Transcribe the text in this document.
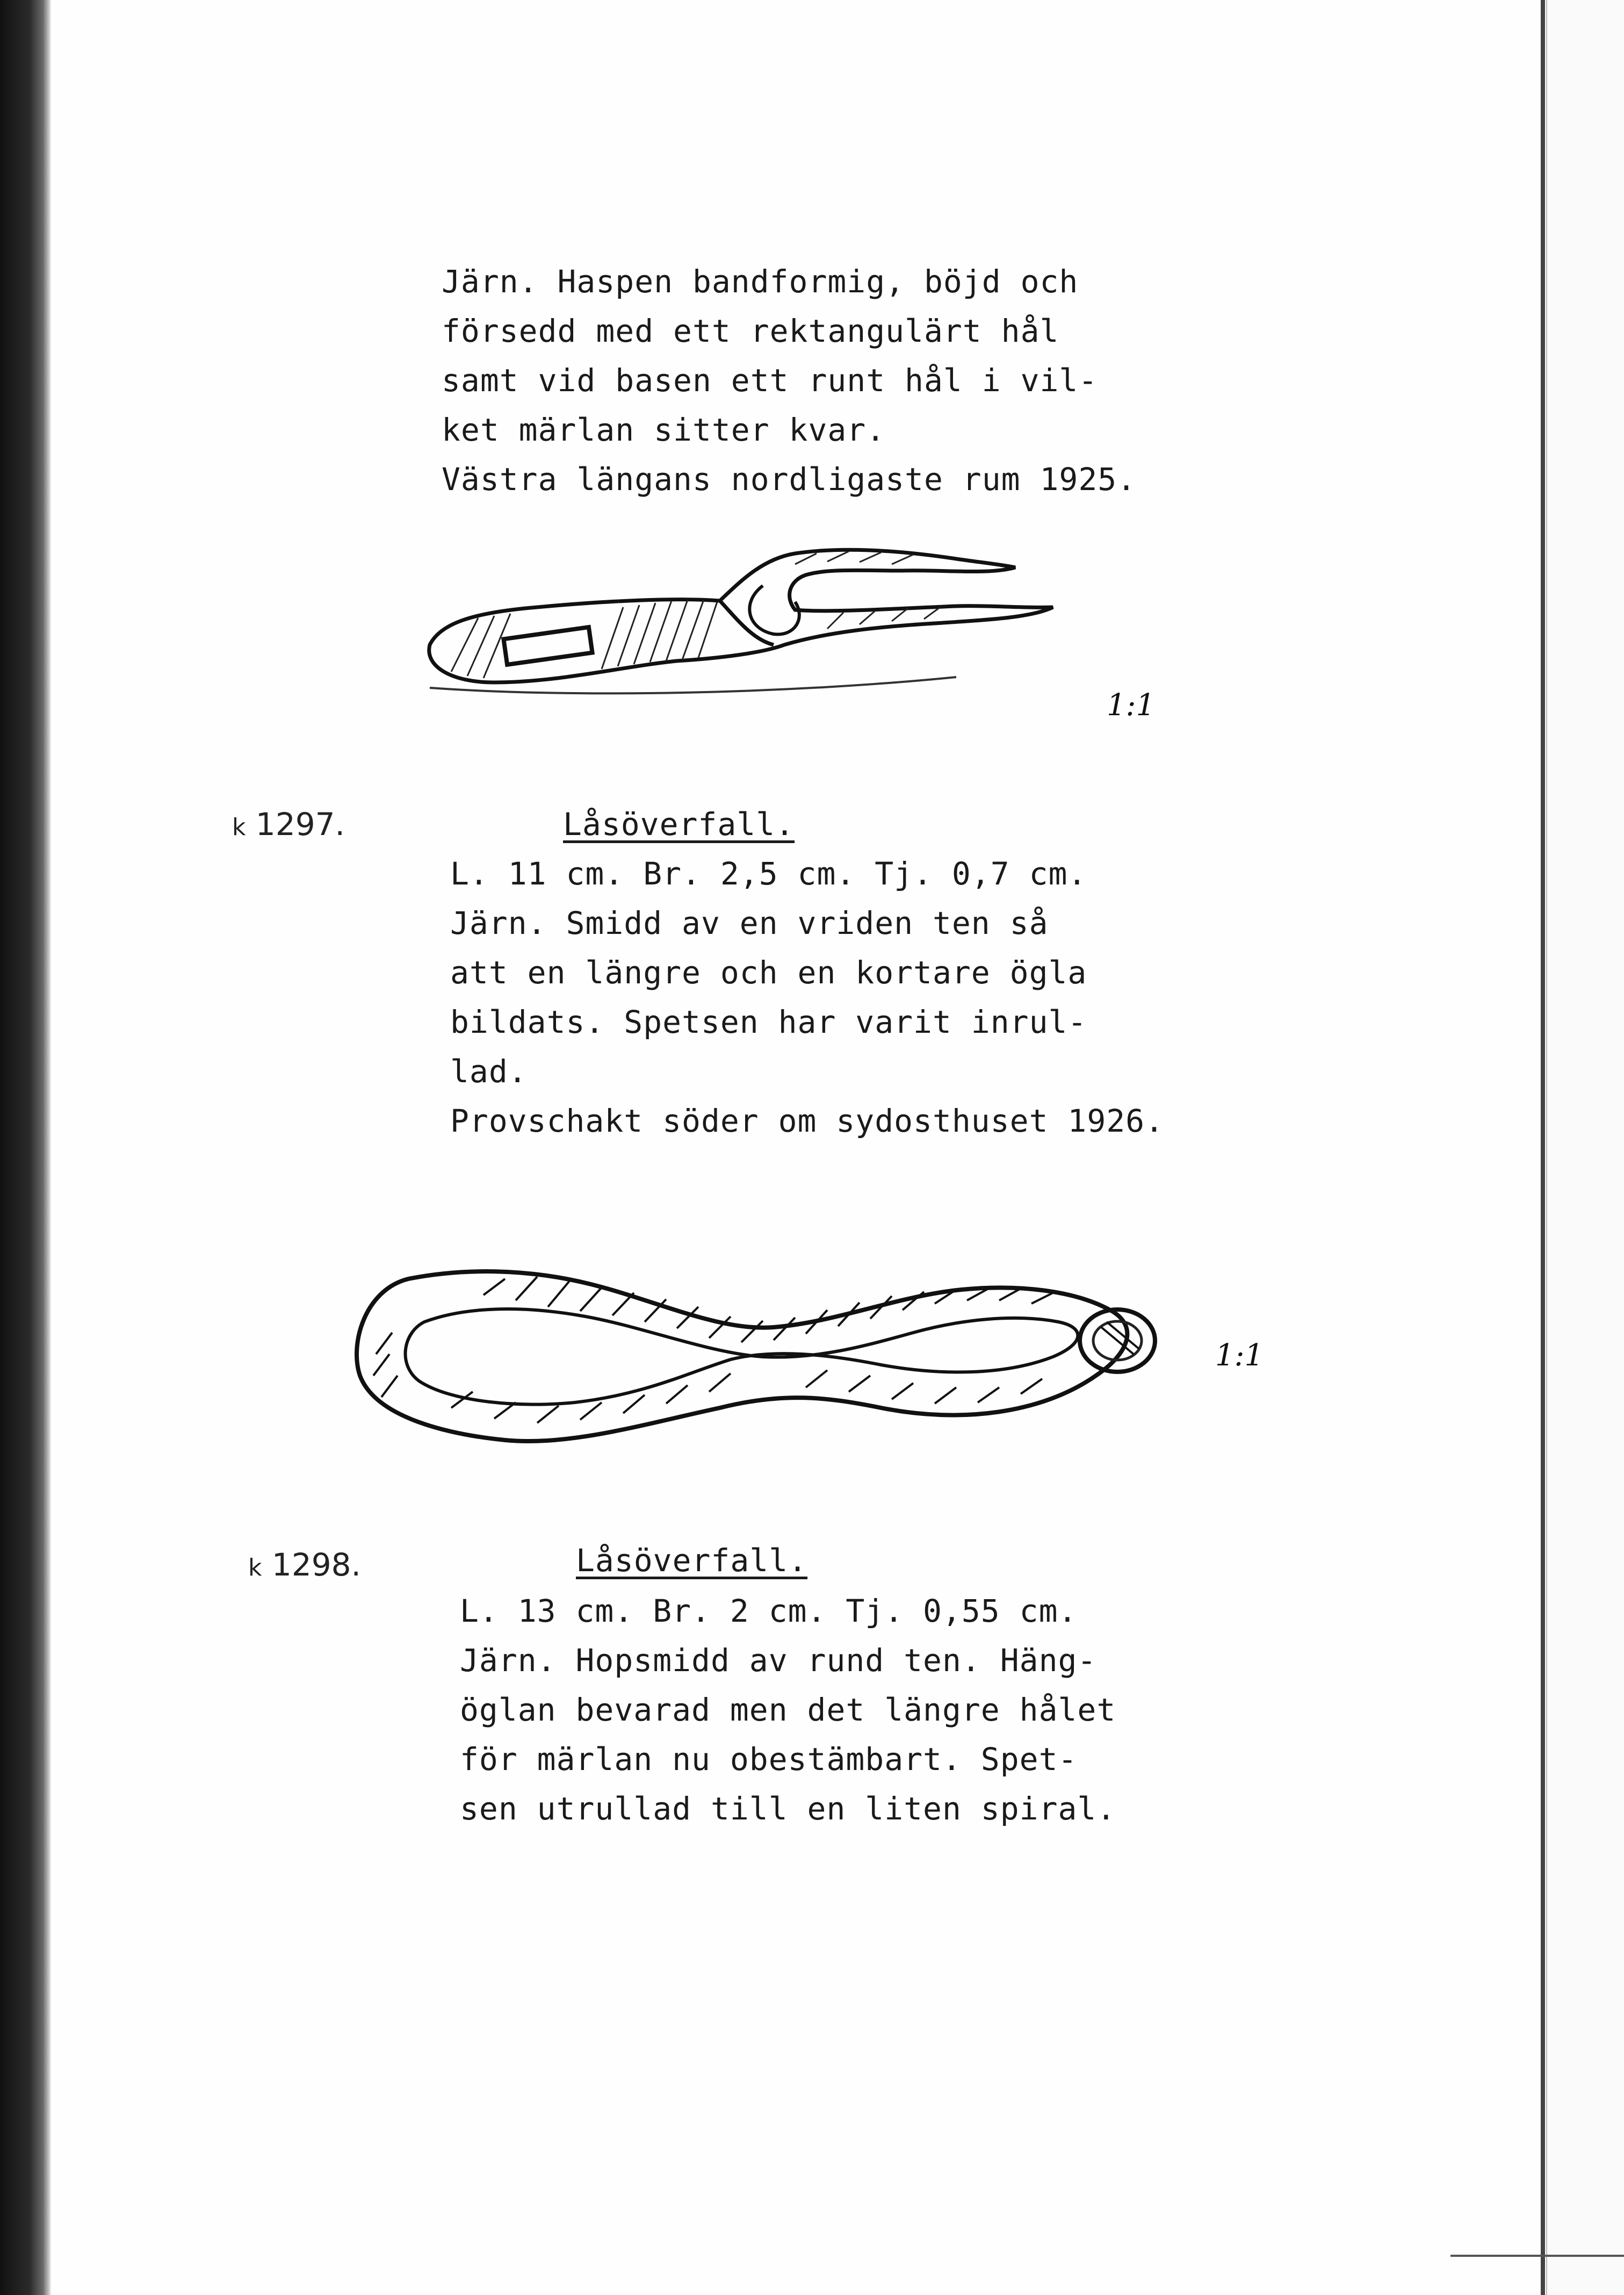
Järn. Haspen bandformig, böjd och
försedd med ett rektangulärt hål
samt vid basen ett runt hål i vil-
ket märlan sitter kvar.
Västra längans nordligaste rum 1925.
1:1
k 1297.	Låsöverfall.
L. 11 cm. Br. 2,5 cm. Tj. 0,7 cm.
Järn. Smidd av en vriden ten så
att en längre och en kortare ögla
bildats. Spetsen har varit inrul-
lad.
Provschakt söder om sydosthuset 1926.
1:1
k 1298.	Låsöverfall.
L. 13 cm. Br. 2 cm. Tj. 0,55 cm.
Järn. Hopsmidd av rund ten. Häng-
öglan bevarad men det längre hålet
för märlan nu obestämbart. Spet-
sen utrullad till en liten spiral.
